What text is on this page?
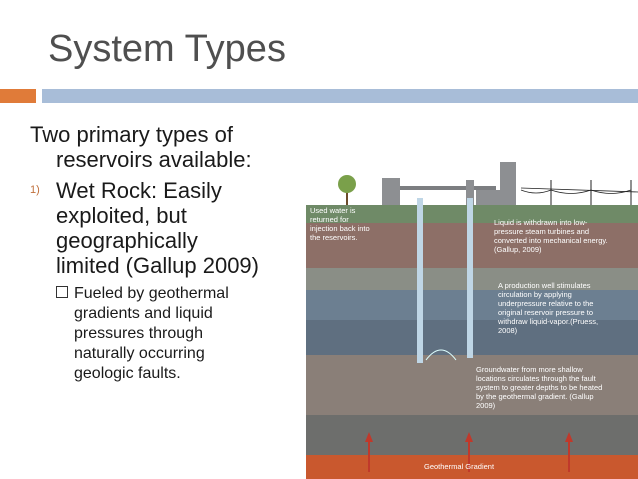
System Types
Two primary types of
reservoirs available:
1) Wet Rock: Easily
exploited, but
geographically
limited (Gallup 2009)
Fueled by geothermal
gradients and liquid
pressures through
naturally occurring
geologic faults.
Used water is
returned for
injection back into
the reservoirs.
Liquid is withdrawn into low-
pressure steam turbines and
converted into mechanical energy.
(Gallup, 2009)
A production well stimulates
circulation by applying
underpressure relative to the
original reservoir pressure to
withdraw liquid-vapor.(Pruess,
2008)
Groundwater from more shallow
locations circulates through the fault
system to greater depths to be heated
by the geothermal gradient. (Gallup
2009)
Geothermal Gradient
